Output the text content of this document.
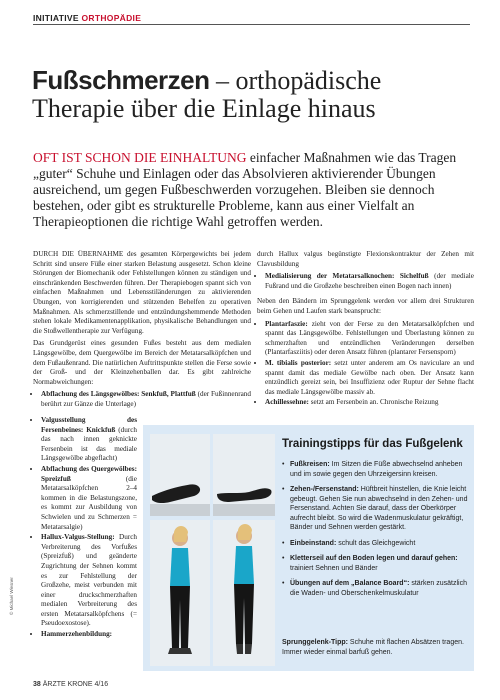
INITIATIVE ORTHOPÄDIE
Fußschmerzen – orthopädische Therapie über die Einlage hinaus
OFT IST SCHON DIE EINHALTUNG einfacher Maßnahmen wie das Tragen „guter“ Schuhe und Einlagen oder das Absolvieren aktivierender Übungen ausreichend, um gegen Fußbeschwerden vorzugehen. Bleiben sie dennoch bestehen, oder gibt es strukturelle Probleme, kann aus einer Vielfalt an Therapieoptionen die richtige Wahl getroffen werden.

DURCH DIE ÜBERNAHME des gesamten Körpergewichts bei jedem Schritt sind unsere Füße einer starken Belastung ausgesetzt. Schon kleine Störungen der Biomechanik oder Fehlstellungen können zu ständigen und einschränkenden Beschwerden führen. Der Therapiebogen spannt sich von einfachen Maßnahmen und Lebensstiländerungen zu aktivierenden Übungen, von korrigierenden und stützenden Behelfen zu operativen Maßnahmen. Als schmerzstillende und entzündungshemmende Methoden stehen lokale Medikamentenapplikation, physikalische Behandlungen und die Stoßwellentherapie zur Verfügung.

Das Grundgerüst eines gesunden Fußes besteht aus dem medialen Längsgewölbe, dem Quergewölbe im Bereich der Metatarsalköpfchen und dem Fußaußenrand. Die natürlichen Auftrittspunkte stellen die Ferse sowie der Groß- und der Kleinzehenballen dar. Es gibt zahlreiche Normabweichungen:

• Abflachung des Längsgewölbes: Senkfuß, Plattfuß (der Fußinnenrand berührt zur Gänze die Unterlage)
• Valgusstellung des Fersenbeines: Knickfuß (durch das nach innen geknickte Fersenbein ist das mediale Längsgewölbe abgeflacht)
• Abflachung des Quergewölbes: Spreizfuß (die Metatarsalköpfchen 2–4 kommen in die Belastungszone, es kommt zur Ausbildung von Schwielen und zu Schmerzen = Metatarsalgie)
• Hallux-Valgus-Stellung: Durch Verbreiterung des Vorfußes (Spreizfuß) und geänderte Zugrichtung der Sehnen kommt es zur Fehlstellung der Großzehe, meist verbunden mit einer druckschmerzhaften medialen Verbreiterung des ersten Metatarsalköpfchens (= Pseudoexostose).
• Hammerzehenbildung:

durch Hallux valgus begünstigte Flexionskontraktur der Zehen mit Clavusbildung

• Medialisierung der Metatarsalknochen: Sichelfuß (der mediale Fußrand und die Großzehe beschreiben einen Bogen nach innen)

Neben den Bändern im Sprunggelenk werden vor allem drei Strukturen beim Gehen und Laufen stark beansprucht:

• Plantarfaszie: zieht von der Ferse zu den Metatarsalköpfchen und spannt das Längsgewölbe. Fehlstellungen und Überlastung können zu schmerzhaften und entzündlichen Veränderungen derselben (Plantarfasziitis) oder deren Ansatz führen (plantarer Fersensporn)
• M. tibialis posterior: setzt unter anderem am Os naviculare an und spannt damit das mediale Gewölbe nach oben. Der Ansatz kann entzündlich gereizt sein, bei Insuffizienz oder Ruptur der Sehne flacht das mediale Längsgewölbe massiv ab.
• Achillessehne: setzt am Fersenbein an. Chronische Reizung
Trainingstipps für das Fußgelenk
• Fußkreisen: Im Sitzen die Füße abwechselnd anheben und im sowie gegen den Uhrzeigersinn kreisen.
• Zehen-/Fersenstand: Hüftbreit hinstellen, die Knie leicht gebeugt. Gehen Sie nun abwechselnd in den Zehen- und Fersenstand. Achten Sie darauf, dass der Oberkörper aufrecht bleibt. So wird die Wadenmuskulatur gekräftigt, Bänder und Sehnen werden gestärkt.
• Einbeinstand: schult das Gleichgewicht
• Kletterseil auf den Boden legen und darauf gehen: trainiert Sehnen und Bänder
• Übungen auf dem „Balance Board“: stärken zusätzlich die Waden- und Oberschenkelmuskulatur
Sprunggelenk-Tipp: Schuhe mit flachen Absätzen tragen. Immer wieder einmal barfuß gehen.
© Michael Wiesner
38 ÄRZTE KRONE 4/16
